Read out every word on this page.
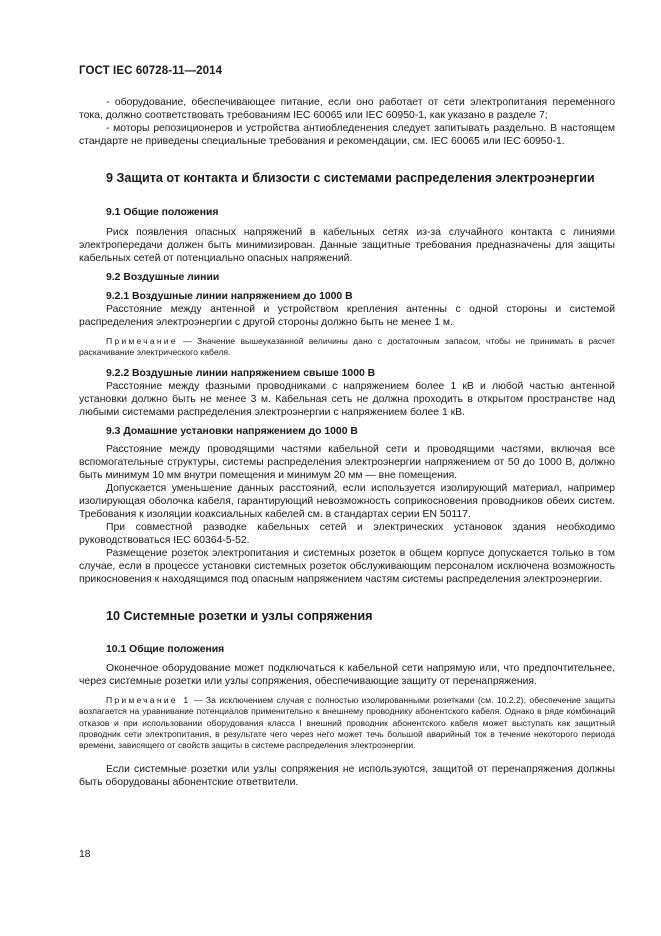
ГОСТ IEC 60728-11—2014

- оборудование, обеспечивающее питание, если оно работает от сети электропитания переменного тока, должно соответствовать требованиям IEC 60065 или IEC 60950-1, как указано в разделе 7;

- моторы репозиционеров и устройства антиобледенения следует запитывать раздельно. В настоящем стандарте не приведены специальные требования и рекомендации, см. IEC 60065 или IEC 60950-1.

9 Защита от контакта и близости с системами распределения электроэнергии
9.1 Общие положения

Риск появления опасных напряжений в кабельных сетях из-за случайного контакта с линиями электропередачи должен быть минимизирован. Данные защитные требования предназначены для защиты кабельных сетей от потенциально опасных напряжений.

9.2 Воздушные линии
9.2.1 Воздушные линии напряжением до 1000 В

Расстояние между антенной и устройством крепления антенны с одной стороны и системой распределения электроэнергии с другой стороны должно быть не менее 1 м.

Примечание — Значение вышеуказанной величины дано с достаточным запасом, чтобы не принимать в расчет раскачивание электрического кабеля.
9.2.2 Воздушные линии напряжением свыше 1000 В

Расстояние между фазными проводниками с напряжением более 1 кВ и любой частью антенной установки должно быть не менее 3 м. Кабельная сеть не должна проходить в открытом пространстве над любыми системами распределения электроэнергии с напряжением более 1 кВ.

9.3 Домашние установки напряжением до 1000 В

Расстояние между проводящими частями кабельной сети и проводящими частями, включая все вспомогательные структуры, системы распределения электроэнергии напряжением от 50 до 1000 В, должно быть минимум 10 мм внутри помещения и минимум 20 мм — вне помещения.

Допускается уменьшение данных расстояний, если используется изолирующий материал, например изолирующая оболочка кабеля, гарантирующий невозможность соприкосновения проводников обеих систем. Требования к изоляции коаксиальных кабелей см. в стандартах серии EN 50117.

При совместной разводке кабельных сетей и электрических установок здания необходимо руководствоваться IEC 60364-5-52.

Размещение розеток электропитания и системных розеток в общем корпусе допускается только в том случае, если в процессе установки системных розеток обслуживающим персоналом исключена возможность прикосновения к находящимся под опасным напряжением частям системы распределения электроэнергии.

10 Системные розетки и узлы сопряжения
10.1 Общие положения

Оконечное оборудование может подключаться к кабельной сети напрямую или, что предпочтительнее, через системные розетки или узлы сопряжения, обеспечивающие защиту от перенапряжения.

Примечание 1 — За исключением случая с полностью изолированными розетками (см. 10.2.2), обеспечение защиты возлагается на уравнивание потенциалов применительно к внешнему проводнику абонентского кабеля. Однако в ряде комбинаций отказов и при использовании оборудования класса I внешний проводник абонентского кабеля может выступать как защитный проводник сети электропитания, в результате чего через него может течь большой аварийный ток в течение некоторого периода времени, зависящего от свойств защиты в системе распределения электроэнергии.

Если системные розетки или узлы сопряжения не используются, защитой от перенапряжения должны быть оборудованы абонентские ответвители.

18
